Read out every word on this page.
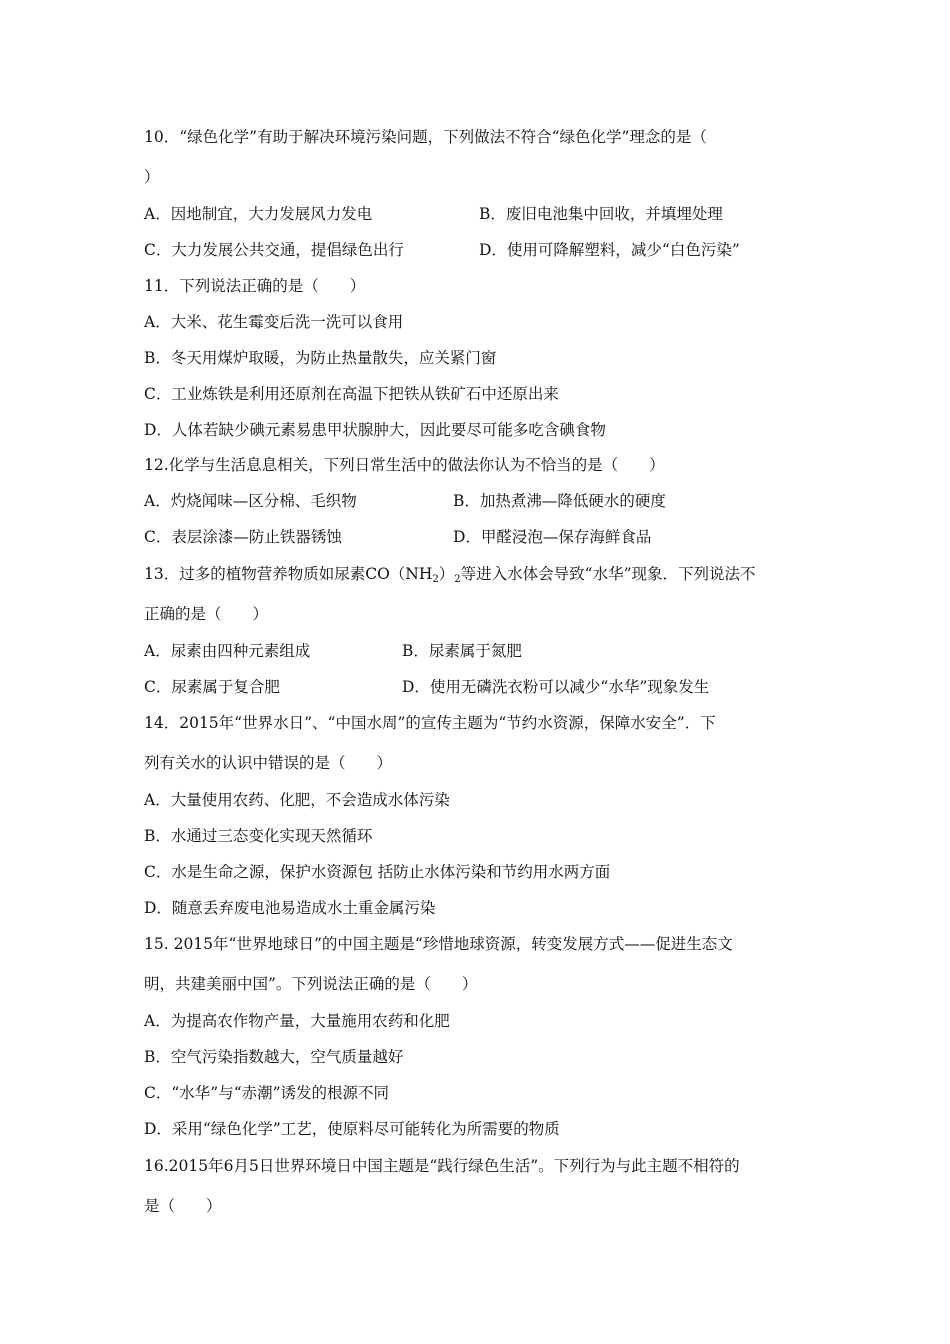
10．“绿色化学”有助于解决环境污染问题，下列做法不符合“绿色化学”理念的是（
）
A．因地制宜，大力发展风力发电	B．废旧电池集中回收，并填埋处理
C．大力发展公共交通，提倡绿色出行	D．使用可降解塑料，减少“白色污染”
11．下列说法正确的是（　　）
A．大米、花生霉变后洗一洗可以食用
B．冬天用煤炉取暖，为防止热量散失，应关紧门窗
C．工业炼铁是利用还原剂在高温下把铁从铁矿石中还原出来
D．人体若缺少碘元素易患甲状腺肿大，因此要尽可能多吃含碘食物
12.化学与生活息息相关，下列日常生活中的做法你认为不恰当的是（　　）
A．灼烧闻味—区分棉、毛织物	B．加热煮沸—降低硬水的硬度
C．表层涂漆—防止铁器锈蚀	D．甲醛浸泡—保存海鲜食品
13．过多的植物营养物质如尿素$CO(NH_2)_2$等进入水体会导致“水华”现象．下列说法不
正确的是（　　）
A．尿素由四种元素组成	B．尿素属于氮肥
C．尿素属于复合肥	D．使用无磷洗衣粉可以减少“水华”现象发生
14．2015年“世界水日”、“中国水周”的宣传主题为“节约水资源，保障水安全”．下
列有关水的认识中错误的是（　　）
A．大量使用农药、化肥，不会造成水体污染
B．水通过三态变化实现天然循环
C．水是生命之源，保护水资源包 括防止水体污染和节约用水两方面
D．随意丢弃废电池易造成水土重金属污染
15. 2015年“世界地球日”的中国主题是“珍惜地球资源，转变发展方式——促进生态文
明，共建美丽中国”。下列说法正确的是（　　）
A．为提高农作物产量，大量施用农药和化肥
B．空气污染指数越大，空气质量越好
C．“水华”与“赤潮”诱发的根源不同
D．采用“绿色化学”工艺，使原料尽可能转化为所需要的物质
16.2015年6月5日世界环境日中国主题是“践行绿色生活”。下列行为与此主题不相符的
是（　　）
